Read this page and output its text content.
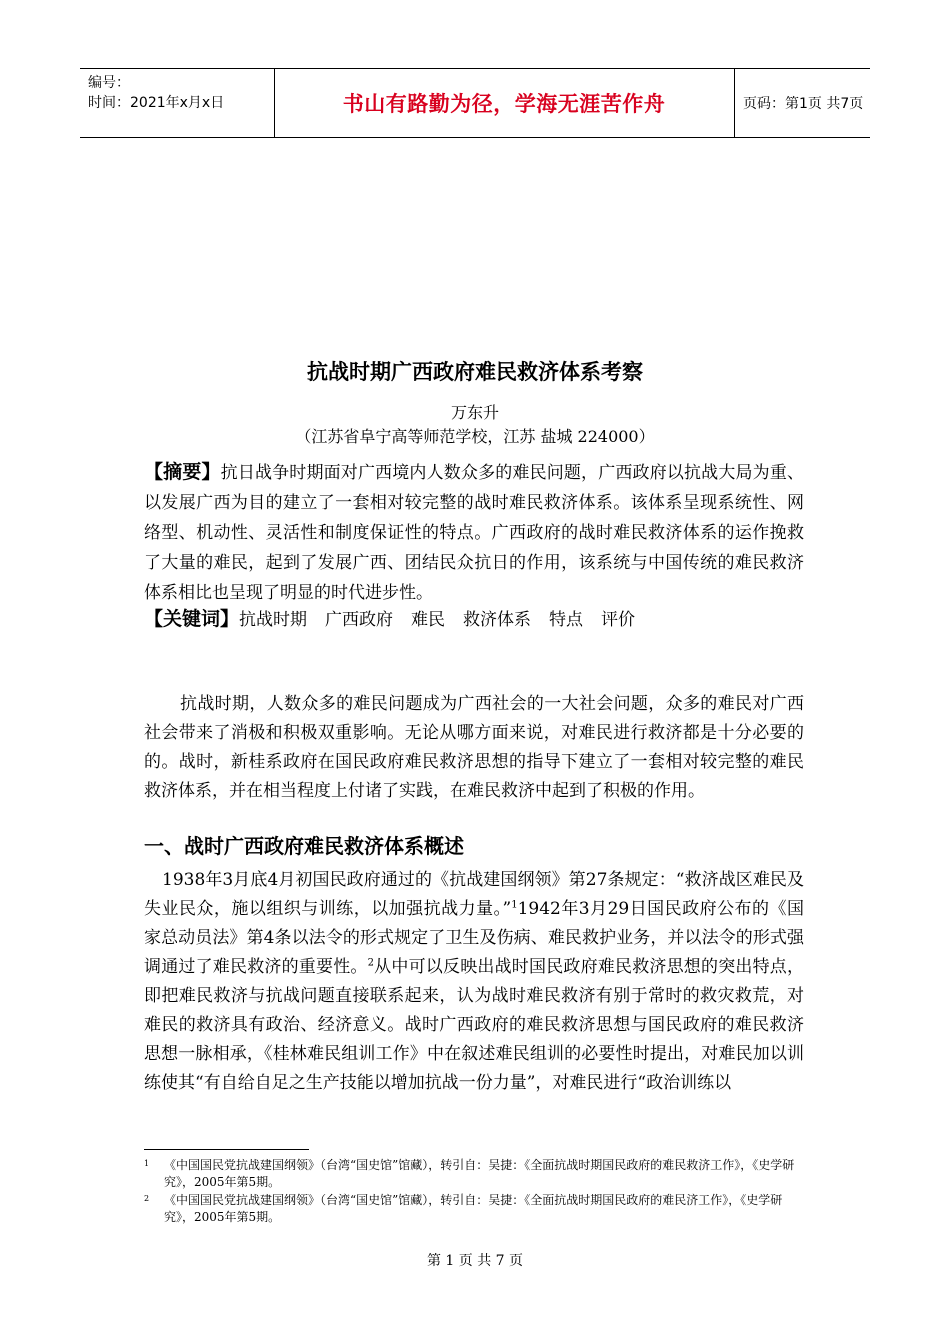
编号：
时间：2021年x月x日	书山有路勤为径，学海无涯苦作舟	页码：第1页 共7页
抗战时期广西政府难民救济体系考察
万东升
（江苏省阜宁高等师范学校，江苏 盐城 224000）
【摘要】抗日战争时期面对广西境内人数众多的难民问题，广西政府以抗战大局为重、以发展广西为目的建立了一套相对较完整的战时难民救济体系。该体系呈现系统性、网络型、机动性、灵活性和制度保证性的特点。广西政府的战时难民救济体系的运作挽救了大量的难民，起到了发展广西、团结民众抗日的作用，该系统与中国传统的难民救济体系相比也呈现了明显的时代进步性。
【关键词】抗战时期 广西政府 难民 救济体系 特点 评价
抗战时期，人数众多的难民问题成为广西社会的一大社会问题，众多的难民对广西社会带来了消极和积极双重影响。无论从哪方面来说，对难民进行救济都是十分必要的的。战时，新桂系政府在国民政府难民救济思想的指导下建立了一套相对较完整的难民救济体系，并在相当程度上付诸了实践，在难民救济中起到了积极的作用。
一、战时广西政府难民救济体系概述
1938年3月底4月初国民政府通过的《抗战建国纲领》第27条规定：“救济战区难民及失业民众，施以组织与训练，以加强抗战力量。”$^1$1942年3月29日国民政府公布的《国家总动员法》第4条以法令的形式规定了卫生及伤病、难民救护业务，并以法令的形式强调通过了难民救济的重要性。$^2$从中可以反映出战时国民政府难民救济思想的突出特点，即把难民救济与抗战问题直接联系起来，认为战时难民救济有别于常时的救灾救荒，对难民的救济具有政治、经济意义。战时广西政府的难民救济思想与国民政府的难民救济思想一脉相承，《桂林难民组训工作》中在叙述难民组训的必要性时提出，对难民加以训练使其“有自给自足之生产技能以增加抗战一份力量”，对难民进行“政治训练以
1 《中国国民党抗战建国纲领》（台湾“国史馆”馆藏），转引自：吴捷：《全面抗战时期国民政府的难民救济工作》，《史学研究》，2005年第5期。
2 《中国国民党抗战建国纲领》（台湾“国史馆”馆藏），转引自：吴捷：《全面抗战时期国民政府的难民济工作》，《史学研究》，2005年第5期。
第 1 页 共 7 页
